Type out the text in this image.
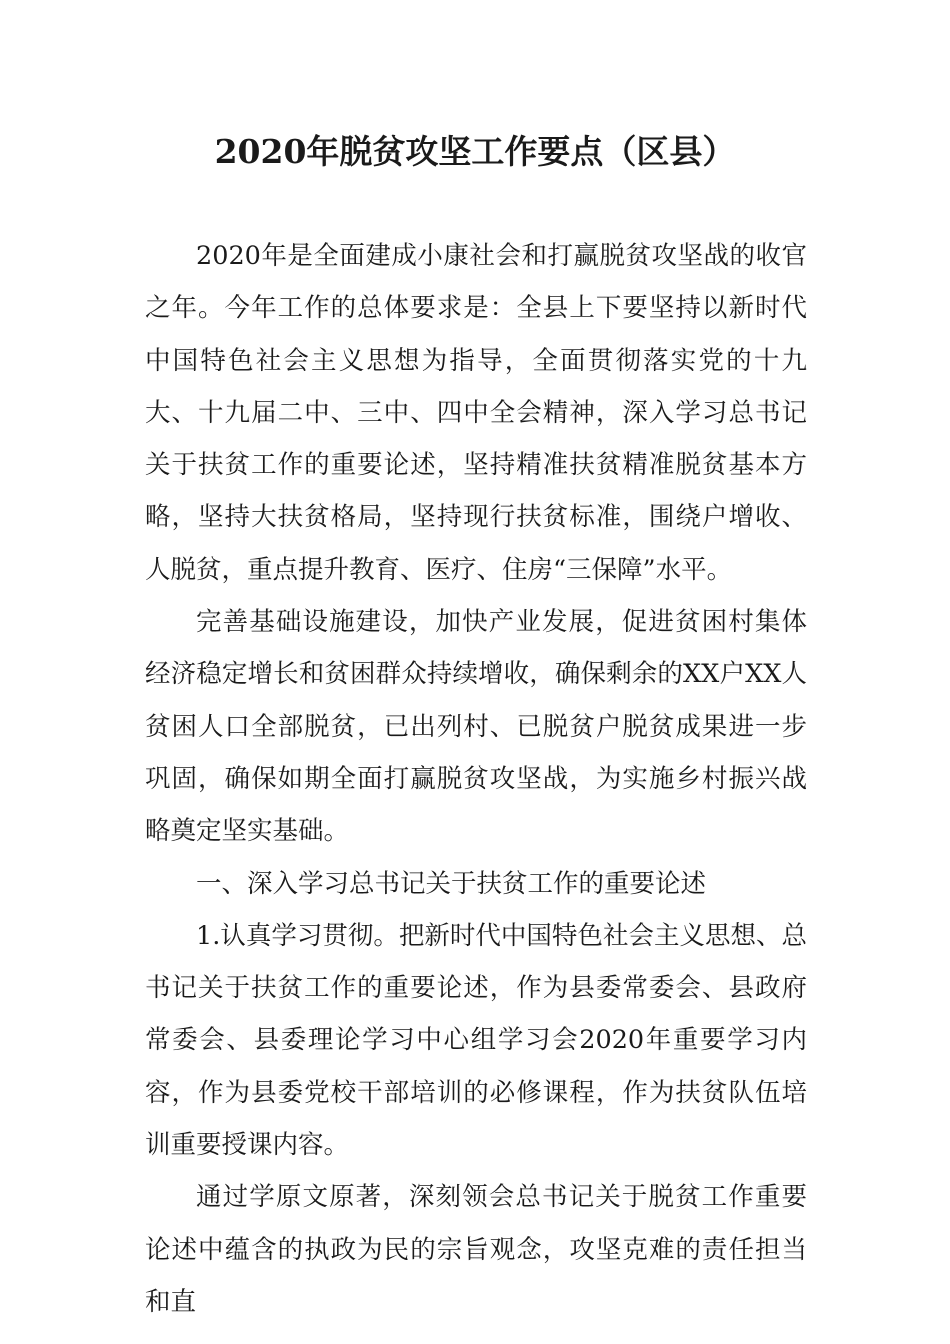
2020年脱贫攻坚工作要点（区县）

2020年是全面建成小康社会和打赢脱贫攻坚战的收官之年。今年工作的总体要求是：全县上下要坚持以新时代中国特色社会主义思想为指导，全面贯彻落实党的十九大、十九届二中、三中、四中全会精神，深入学习总书记关于扶贫工作的重要论述，坚持精准扶贫精准脱贫基本方略，坚持大扶贫格局，坚持现行扶贫标准，围绕户增收、人脱贫，重点提升教育、医疗、住房“三保障”水平。

完善基础设施建设，加快产业发展，促进贫困村集体经济稳定增长和贫困群众持续增收，确保剩余的XX户XX人贫困人口全部脱贫，已出列村、已脱贫户脱贫成果进一步巩固，确保如期全面打赢脱贫攻坚战，为实施乡村振兴战略奠定坚实基础。

一、深入学习总书记关于扶贫工作的重要论述

1.认真学习贯彻。把新时代中国特色社会主义思想、总书记关于扶贫工作的重要论述，作为县委常委会、县政府常委会、县委理论学习中心组学习会2020年重要学习内容，作为县委党校干部培训的必修课程，作为扶贫队伍培训重要授课内容。

通过学原文原著，深刻领会总书记关于脱贫工作重要论述中蕴含的执政为民的宗旨观念，攻坚克难的责任担当和直
